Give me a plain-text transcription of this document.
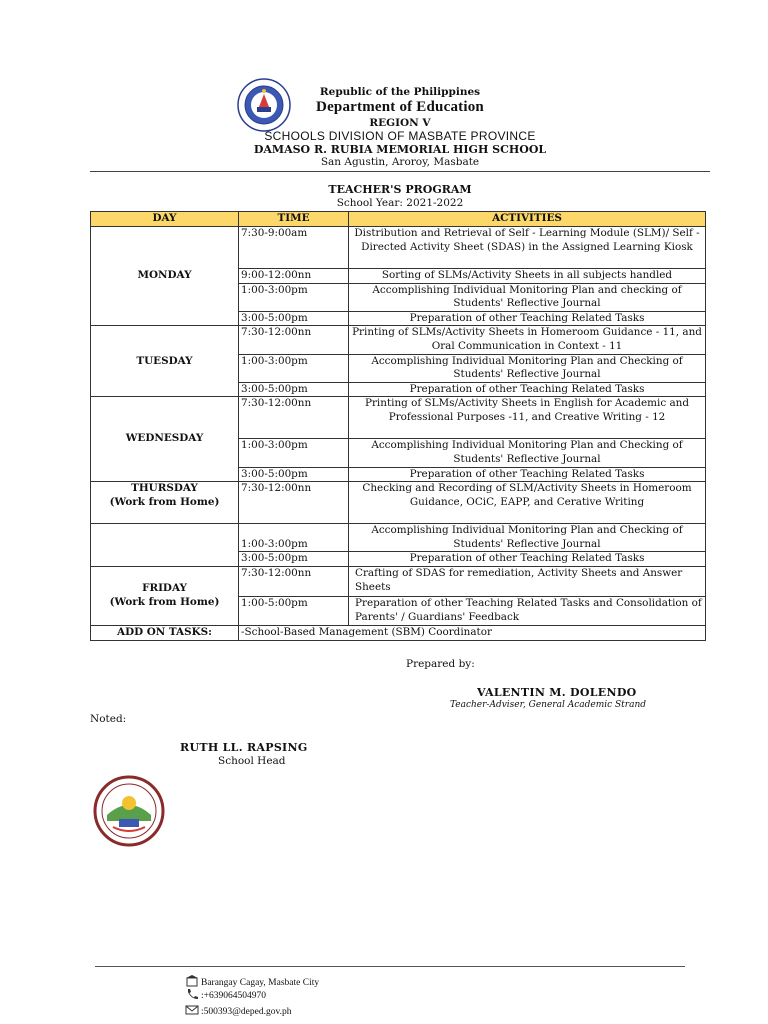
Republic of the Philippines
Department of Education
REGION V
SCHOOLS DIVISION OF MASBATE PROVINCE
DAMASO R. RUBIA MEMORIAL HIGH SCHOOL
San Agustin, Aroroy, Masbate
TEACHER'S PROGRAM
School Year: 2021-2022
DAY	TIME	ACTIVITIES
MONDAY	7:30-9:00am	Distribution and Retrieval of Self - Learning Module (SLM)/ Self -Directed Activity Sheet (SDAS) in the Assigned Learning Kiosk
	9:00-12:00nn	Sorting of SLMs/Activity Sheets in all subjects handled
	1:00-3:00pm	Accomplishing Individual Monitoring Plan and checking of Students' Reflective Journal
	3:00-5:00pm	Preparation of other Teaching Related Tasks
TUESDAY	7:30-12:00nn	Printing of SLMs/Activity Sheets in Homeroom Guidance - 11, and Oral Communication in Context - 11
	1:00-3:00pm	Accomplishing Individual Monitoring Plan and Checking of Students' Reflective Journal
	3:00-5:00pm	Preparation of other Teaching Related Tasks
WEDNESDAY	7:30-12:00nn	Printing of SLMs/Activity Sheets in English for Academic and Professional Purposes -11, and Creative Writing - 12
	1:00-3:00pm	Accomplishing Individual Monitoring Plan and Checking of Students' Reflective Journal
	3:00-5:00pm	Preparation of other Teaching Related Tasks

THURSDAY
(Work from Home)	7:30-12:00nn	Checking and Recording of SLM/Activity Sheets in Homeroom Guidance, OCiC, EAPP, and Cerative Writing
	1:00-3:00pm	Accomplishing Individual Monitoring Plan and Checking of Students' Reflective Journal
	3:00-5:00pm	Preparation of other Teaching Related Tasks

FRIDAY
(Work from Home)	7:30-12:00nn	Crafting of SDAS for remediation, Activity Sheets and Answer Sheets
	1:00-5:00pm	Preparation of other Teaching Related Tasks and Consolidation of Parents' / Guardians' Feedback
ADD ON TASKS:	-School-Based Management (SBM) Coordinator	
Prepared by:
VALENTIN M. DOLENDO
Teacher-Adviser, General Academic Strand
Noted:
RUTH LL. RAPSING
School Head
Barangay Cagay, Masbate City
:+639064504970
:500393@deped.gov.ph
